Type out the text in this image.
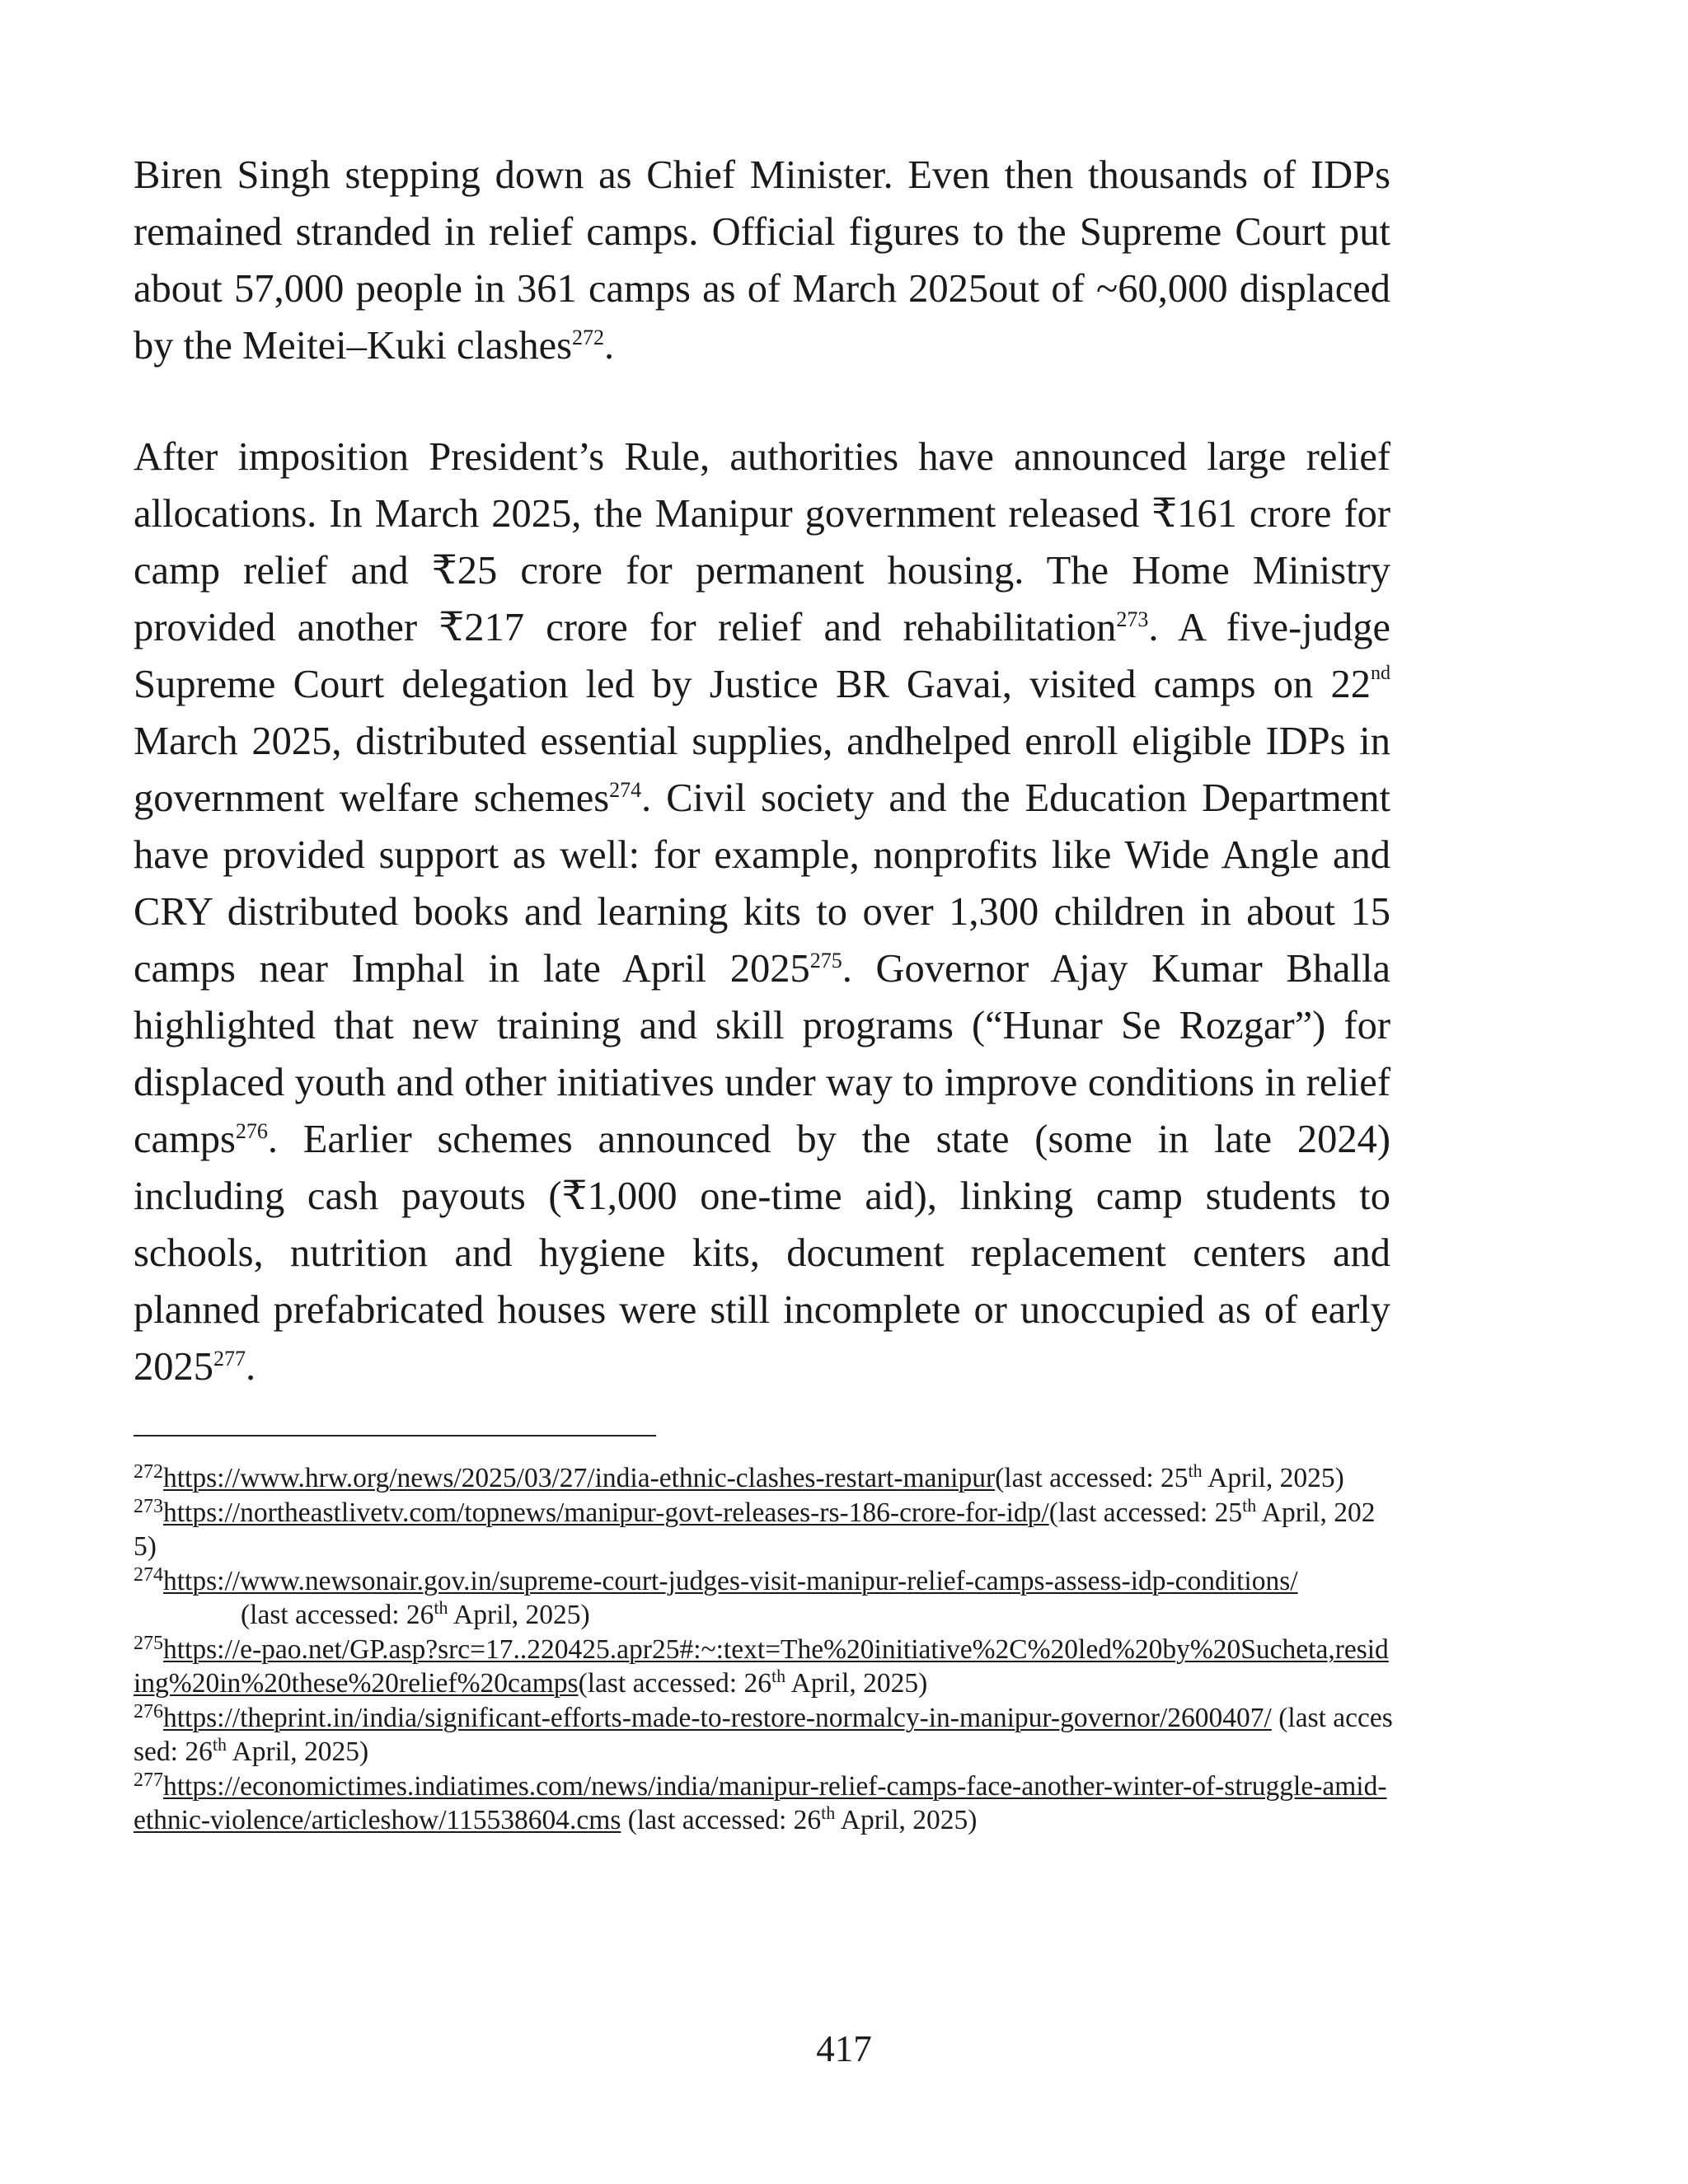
Biren Singh stepping down as Chief Minister. Even then thousands of IDPs remained stranded in relief camps. Official figures to the Supreme Court put about 57,000 people in 361 camps as of March 2025out of ~60,000 displaced by the Meitei–Kuki clashes$^{272}$.

After imposition President’s Rule, authorities have announced large relief allocations. In March 2025, the Manipur government released ₹161 crore for camp relief and ₹25 crore for permanent housing. The Home Ministry provided another ₹217 crore for relief and rehabilitation$^{273}$. A five-judge Supreme Court delegation led by Justice BR Gavai, visited camps on 22nd March 2025, distributed essential supplies, andhelped enroll eligible IDPs in government welfare schemes$^{274}$. Civil society and the Education Department have provided support as well: for example, nonprofits like Wide Angle and CRY distributed books and learning kits to over 1,300 children in about 15 camps near Imphal in late April 2025$^{275}$. Governor Ajay Kumar Bhalla highlighted that new training and skill programs (“Hunar Se Rozgar”) for displaced youth and other initiatives under way to improve conditions in relief camps$^{276}$. Earlier schemes announced by the state (some in late 2024) including cash payouts (₹1,000 one-time aid), linking camp students to schools, nutrition and hygiene kits, document replacement centers and planned prefabricated houses were still incomplete or unoccupied as of early 2025$^{277}$.

$^{272}$https://www.hrw.org/news/2025/03/27/india-ethnic-clashes-restart-manipur(last accessed: 25th April, 2025)

$^{273}$https://northeastlivetv.com/topnews/manipur-govt-releases-rs-186-crore-for-idp/(last accessed: 25th April, 2025)

$^{274}$https://www.newsonair.gov.in/supreme-court-judges-visit-manipur-relief-camps-assess-idp-conditions/(last accessed: 26th April, 2025)

$^{275}$https://e-pao.net/GP.asp?src=17..220425.apr25#:~:text=The%20initiative%2C%20led%20by%20Sucheta,residing%20in%20these%20relief%20camps(last accessed: 26th April, 2025)

$^{276}$https://theprint.in/india/significant-efforts-made-to-restore-normalcy-in-manipur-governor/2600407/ (last accessed: 26th April, 2025)

$^{277}$https://economictimes.indiatimes.com/news/india/manipur-relief-camps-face-another-winter-of-struggle-amid-ethnic-violence/articleshow/115538604.cms (last accessed: 26th April, 2025)

417
